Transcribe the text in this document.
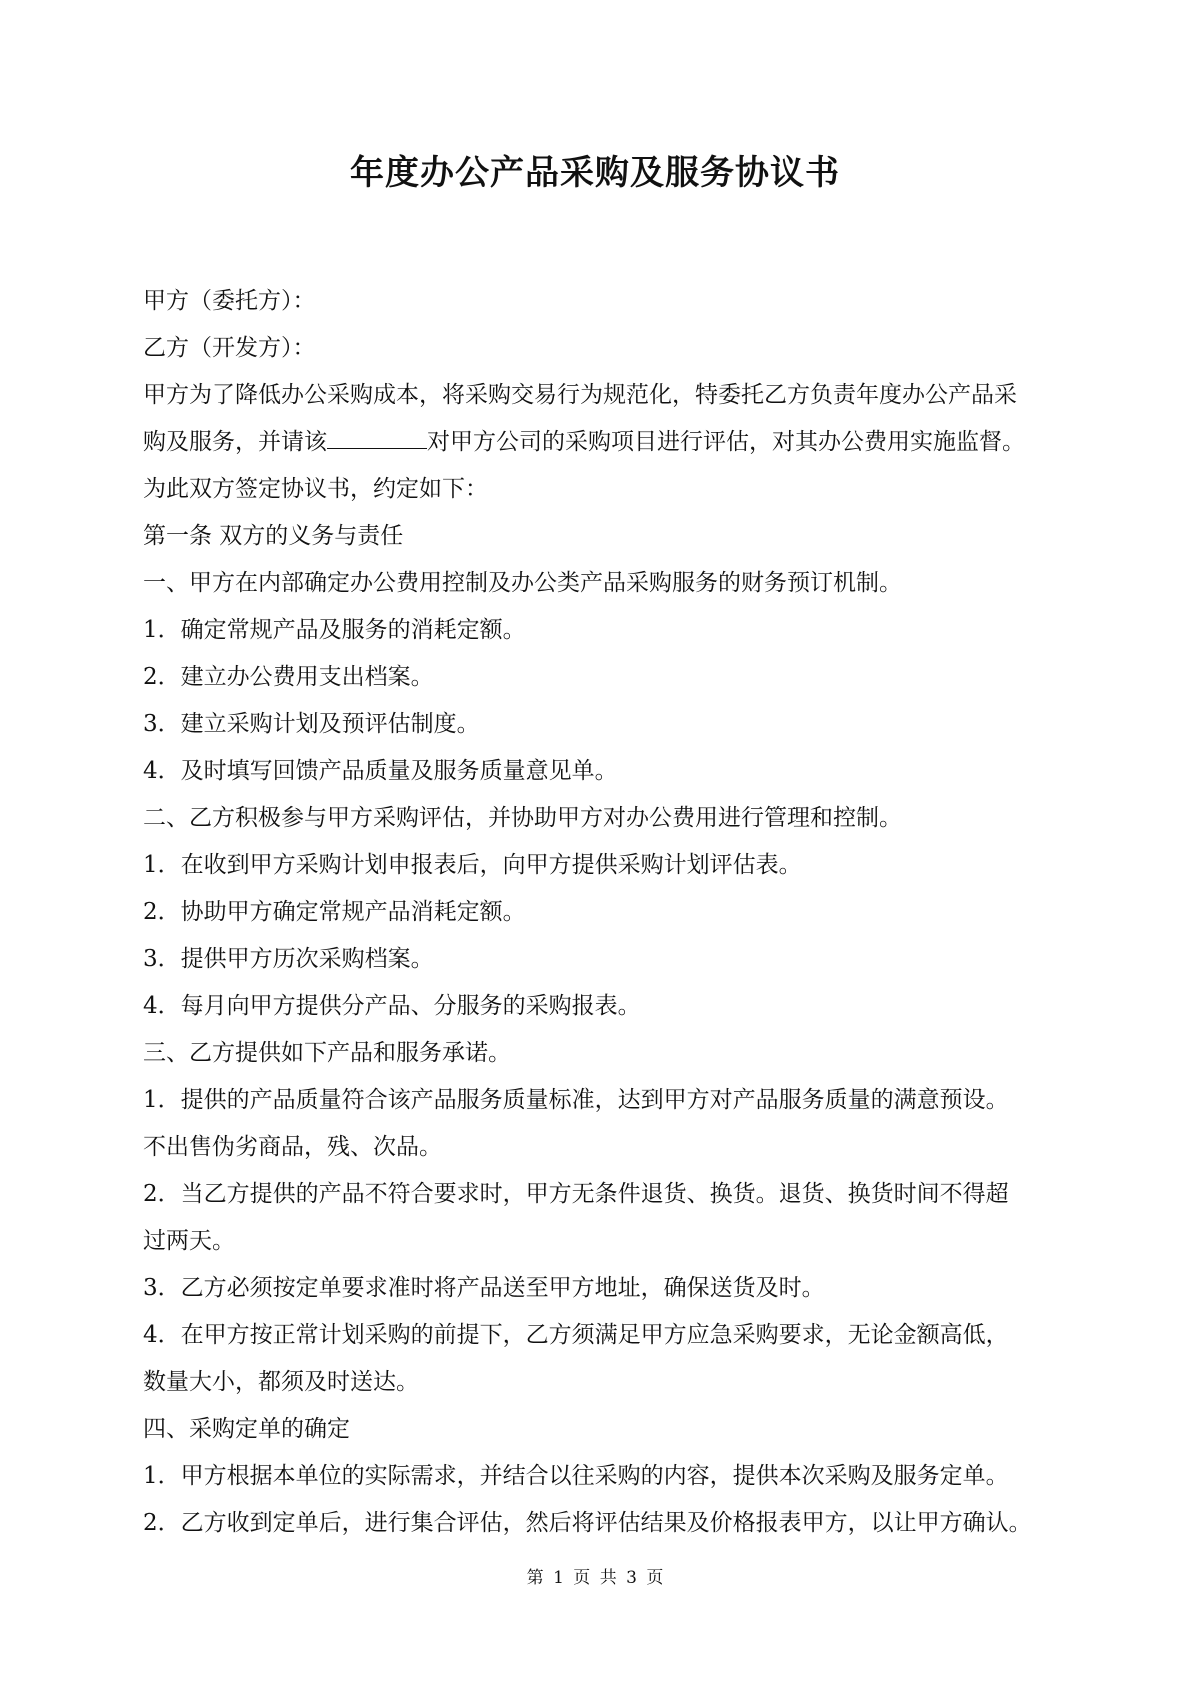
年度办公产品采购及服务协议书

甲方（委托方）：

乙方（开发方）：

甲方为了降低办公采购成本，将采购交易行为规范化，特委托乙方负责年度办公产品采

购及服务，并请该	对甲方公司的采购项目进行评估，对其办公费用实施监督。

为此双方签定协议书，约定如下：

第一条 双方的义务与责任

一、甲方在内部确定办公费用控制及办公类产品采购服务的财务预订机制。

1．确定常规产品及服务的消耗定额。

2．建立办公费用支出档案。

3．建立采购计划及预评估制度。

4．及时填写回馈产品质量及服务质量意见单。

二、乙方积极参与甲方采购评估，并协助甲方对办公费用进行管理和控制。

1．在收到甲方采购计划申报表后，向甲方提供采购计划评估表。

2．协助甲方确定常规产品消耗定额。

3．提供甲方历次采购档案。

4．每月向甲方提供分产品、分服务的采购报表。

三、乙方提供如下产品和服务承诺。

1．提供的产品质量符合该产品服务质量标准，达到甲方对产品服务质量的满意预设。

不出售伪劣商品，残、次品。

2．当乙方提供的产品不符合要求时，甲方无条件退货、换货。退货、换货时间不得超

过两天。

3．乙方必须按定单要求准时将产品送至甲方地址，确保送货及时。

4．在甲方按正常计划采购的前提下，乙方须满足甲方应急采购要求，无论金额高低，

数量大小，都须及时送达。

四、采购定单的确定

1．甲方根据本单位的实际需求，并结合以往采购的内容，提供本次采购及服务定单。

2．乙方收到定单后，进行集合评估，然后将评估结果及价格报表甲方，以让甲方确认。

第 1 页 共 3 页
